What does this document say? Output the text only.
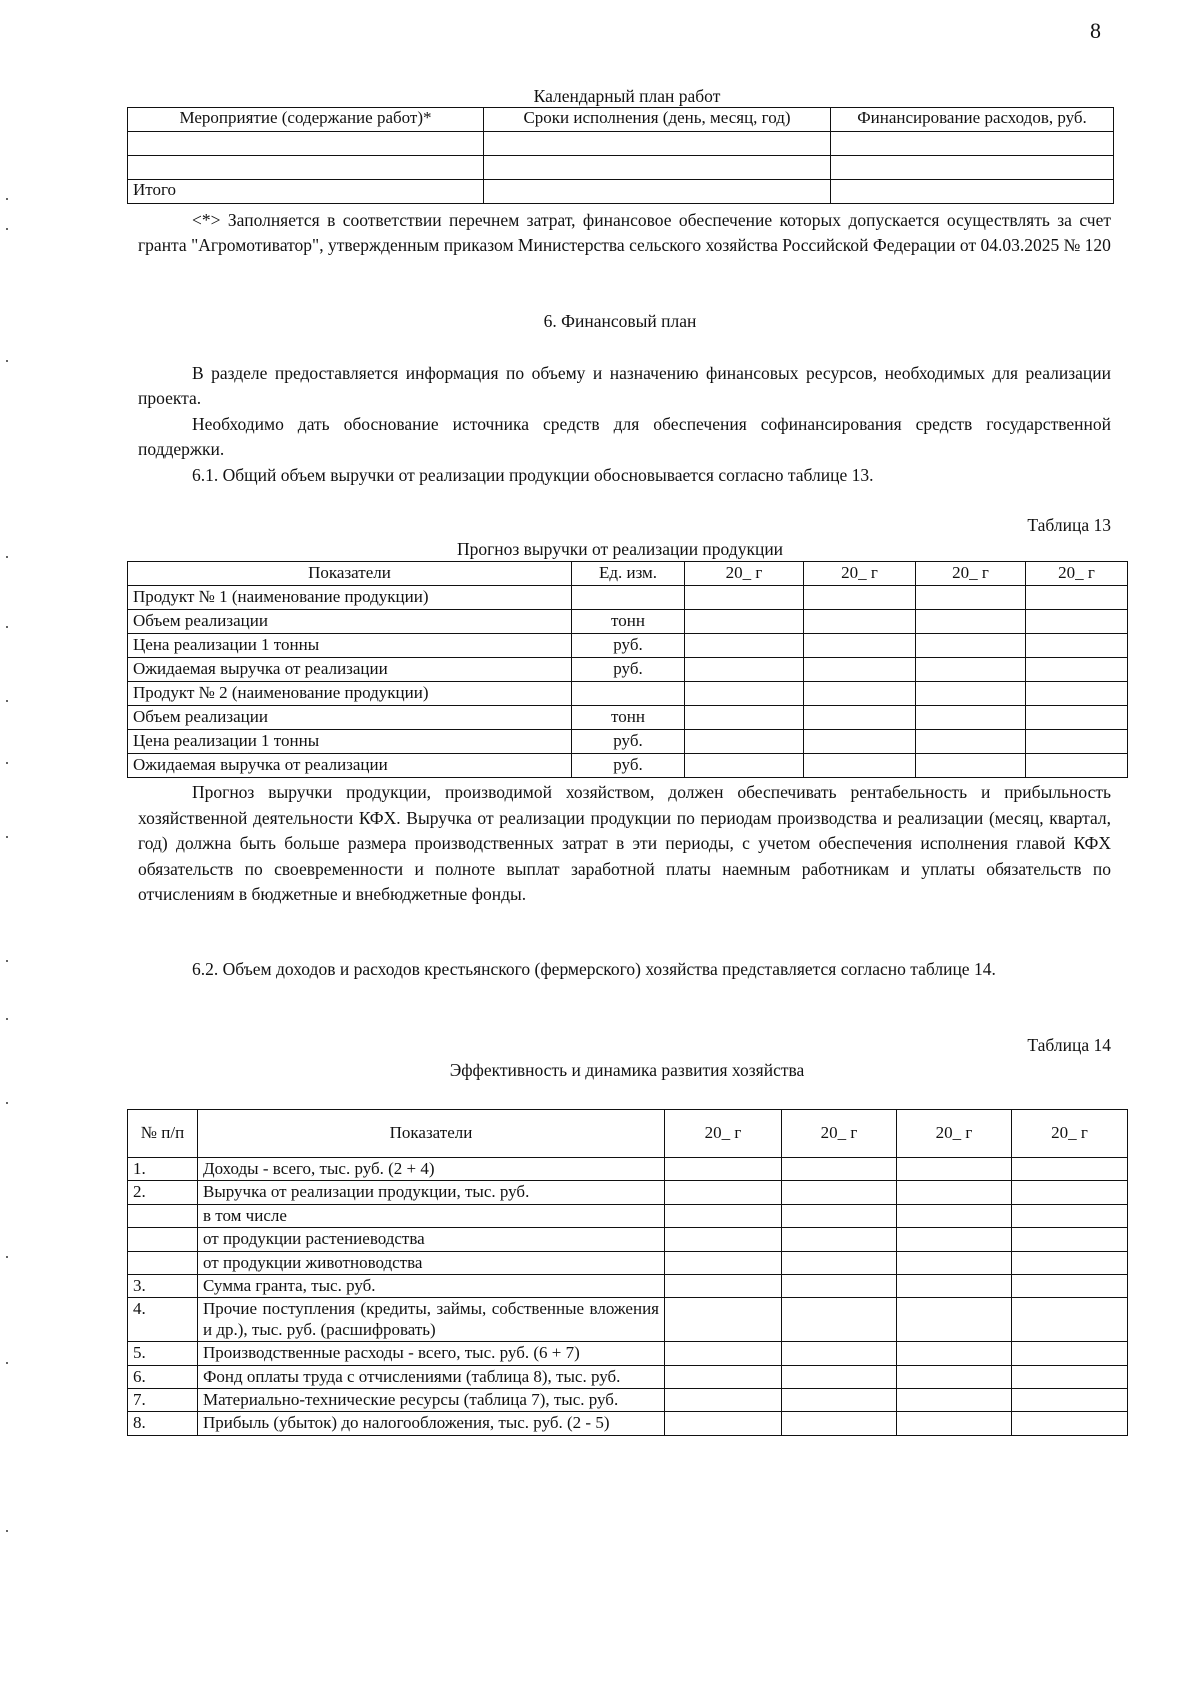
8
Календарный план работ
Мероприятие (содержание работ)*	Сроки исполнения (день, месяц, год)	Финансирование расходов, руб.

Итого		
<*> Заполняется в соответствии перечнем затрат, финансовое обеспечение которых допускается осуществлять за счет гранта "Агромотиватор", утвержденным приказом Министерства сельского хозяйства Российской Федерации от 04.03.2025 № 120
6. Финансовый план
В разделе предоставляется информация по объему и назначению финансовых ресурсов, необходимых для реализации проекта.
Необходимо дать обоснование источника средств для обеспечения софинансирования средств государственной поддержки.
6.1. Общий объем выручки от реализации продукции обосновывается согласно таблице 13.
Таблица 13
Прогноз выручки от реализации продукции
Показатели	Ед. изм.	20_ г	20_ г	20_ г	20_ г
Продукт № 1 (наименование продукции)					
Объем реализации	тонн				
Цена реализации 1 тонны	руб.				
Ожидаемая выручка от реализации	руб.				
Продукт № 2 (наименование продукции)					
Объем реализации	тонн				
Цена реализации 1 тонны	руб.				
Ожидаемая выручка от реализации	руб.				
Прогноз выручки продукции, производимой хозяйством, должен обеспечивать рентабельность и прибыльность хозяйственной деятельности КФХ. Выручка от реализации продукции по периодам производства и реализации (месяц, квартал, год) должна быть больше размера производственных затрат в эти периоды, с учетом обеспечения исполнения главой КФХ обязательств по своевременности и полноте выплат заработной платы наемным работникам и уплаты обязательств по отчислениям в бюджетные и внебюджетные фонды.
6.2. Объем доходов и расходов крестьянского (фермерского) хозяйства представляется согласно таблице 14.
Таблица 14
Эффективность и динамика развития хозяйства
№ п/п	Показатели	20_ г	20_ г	20_ г	20_ г
1.	Доходы - всего, тыс. руб. (2 + 4)				
2.	Выручка от реализации продукции, тыс. руб.				
	в том числе				
	от продукции растениеводства				
	от продукции животноводства				
3.	Сумма гранта, тыс. руб.				
4.	Прочие поступления (кредиты, займы, собственные вложения и др.), тыс. руб. (расшифровать)				
5.	Производственные расходы - всего, тыс. руб. (6 + 7)				
6.	Фонд оплаты труда с отчислениями (таблица 8), тыс. руб.				
7.	Материально-технические ресурсы (таблица 7), тыс. руб.				
8.	Прибыль (убыток) до налогообложения, тыс. руб. (2 - 5)				
